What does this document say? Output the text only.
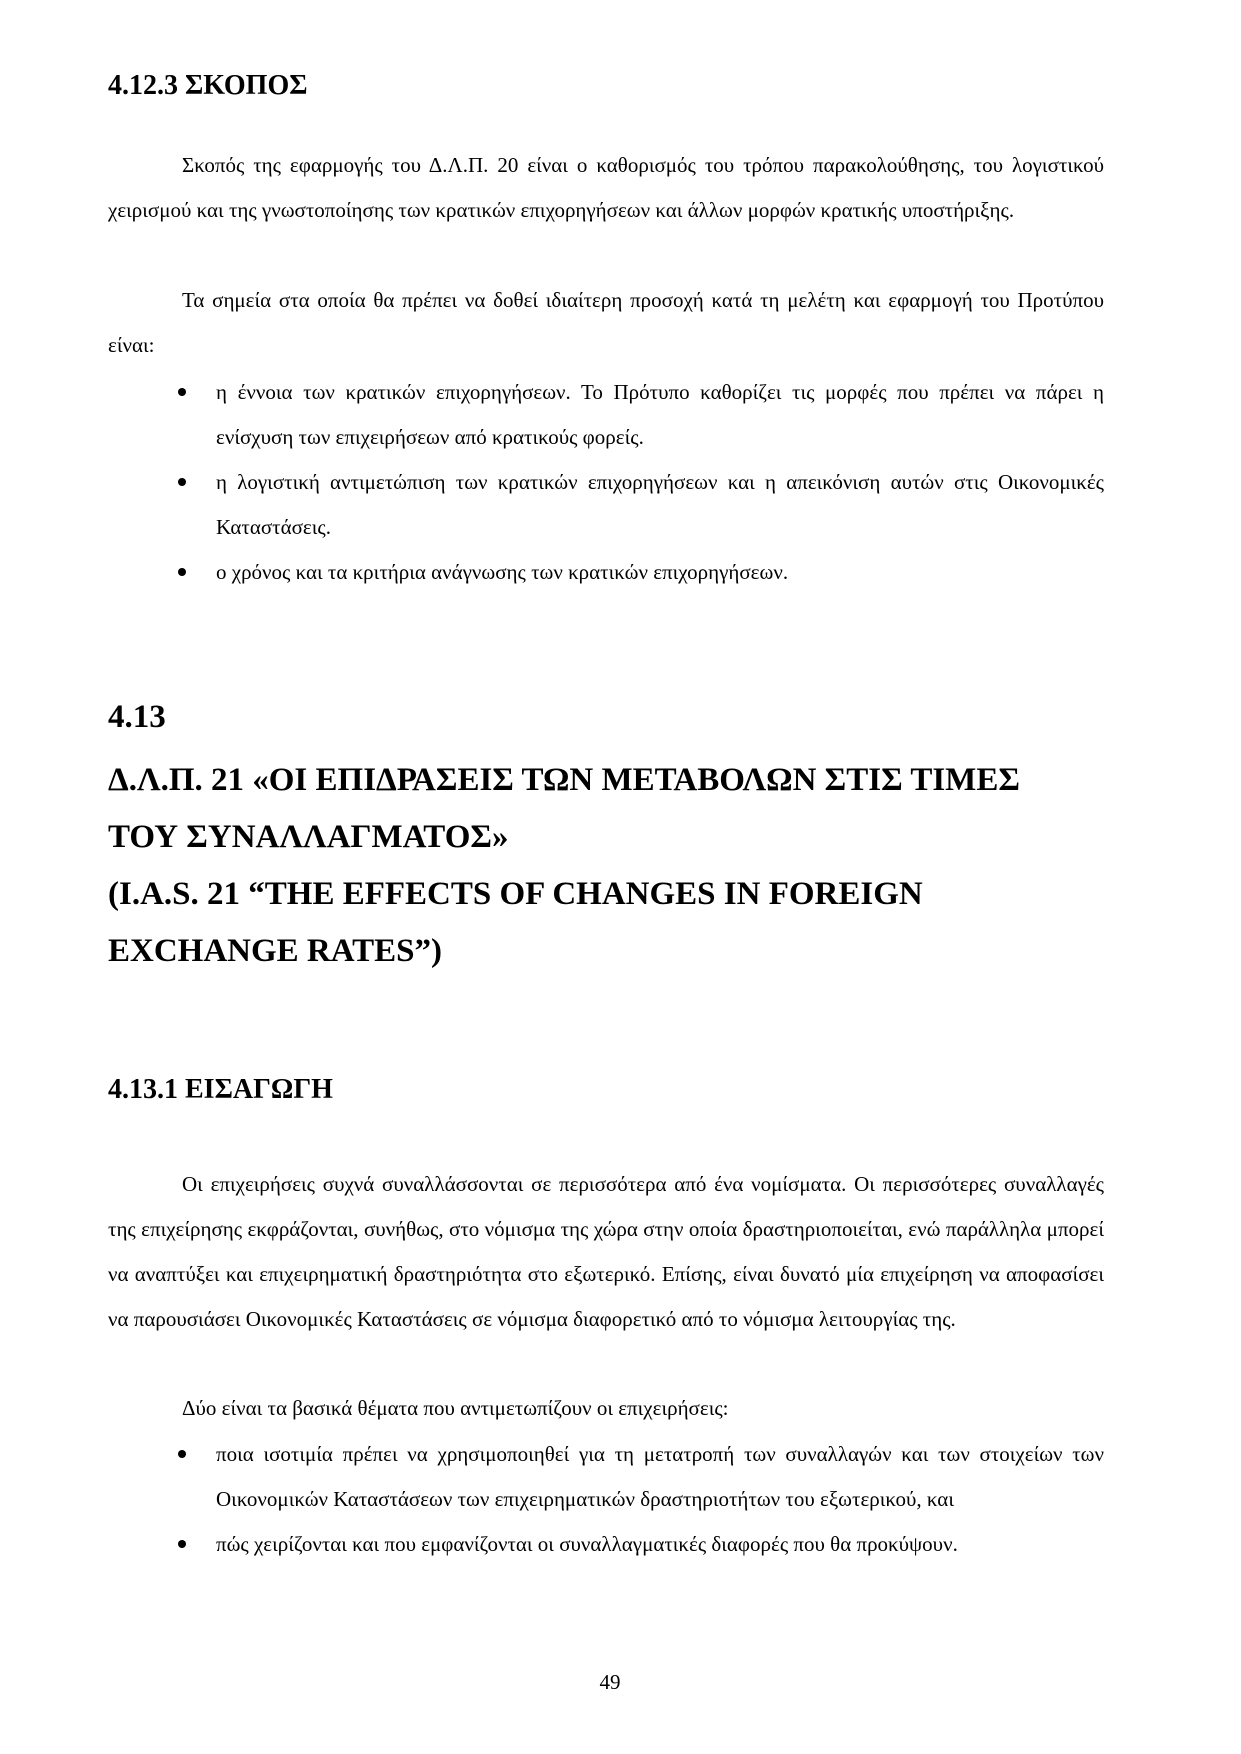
4.12.3 ΣΚΟΠΟΣ

Σκοπός της εφαρμογής του Δ.Λ.Π. 20 είναι ο καθορισμός του τρόπου παρακολούθησης, του λογιστικού χειρισμού και της γνωστοποίησης των κρατικών επιχορηγήσεων και άλλων μορφών κρατικής υποστήριξης.

Τα σημεία στα οποία θα πρέπει να δοθεί ιδιαίτερη προσοχή κατά τη μελέτη και εφαρμογή του Προτύπου είναι:

η έννοια των κρατικών επιχορηγήσεων. Το Πρότυπο καθορίζει τις μορφές που πρέπει να πάρει η ενίσχυση των επιχειρήσεων από κρατικούς φορείς.
η λογιστική αντιμετώπιση των κρατικών επιχορηγήσεων και η απεικόνιση αυτών στις Οικονομικές Καταστάσεις.
ο χρόνος και τα κριτήρια ανάγνωσης των κρατικών επιχορηγήσεων.
4.13
Δ.Λ.Π. 21 «ΟΙ ΕΠΙΔΡΑΣΕΙΣ ΤΩΝ ΜΕΤΑΒΟΛΩΝ ΣΤΙΣ ΤΙΜΕΣ
ΤΟΥ ΣΥΝΑΛΛΑΓΜΑΤΟΣ»
(I.A.S. 21 “THE EFFECTS OF CHANGES IN FOREIGN
EXCHANGE RATES”)
4.13.1 ΕΙΣΑΓΩΓΗ

Οι επιχειρήσεις συχνά συναλλάσσονται σε περισσότερα από ένα νομίσματα. Οι περισσότερες συναλλαγές της επιχείρησης εκφράζονται, συνήθως, στο νόμισμα της χώρα στην οποία δραστηριοποιείται, ενώ παράλληλα μπορεί να αναπτύξει και επιχειρηματική δραστηριότητα στο εξωτερικό. Επίσης, είναι δυνατό μία επιχείρηση να αποφασίσει να παρουσιάσει Οικονομικές Καταστάσεις σε νόμισμα διαφορετικό από το νόμισμα λειτουργίας της.

Δύο είναι τα βασικά θέματα που αντιμετωπίζουν οι επιχειρήσεις:

ποια ισοτιμία πρέπει να χρησιμοποιηθεί για τη μετατροπή των συναλλαγών και των στοιχείων των Οικονομικών Καταστάσεων των επιχειρηματικών δραστηριοτήτων του εξωτερικού, και
πώς χειρίζονται και που εμφανίζονται οι συναλλαγματικές διαφορές που θα προκύψουν.
49
